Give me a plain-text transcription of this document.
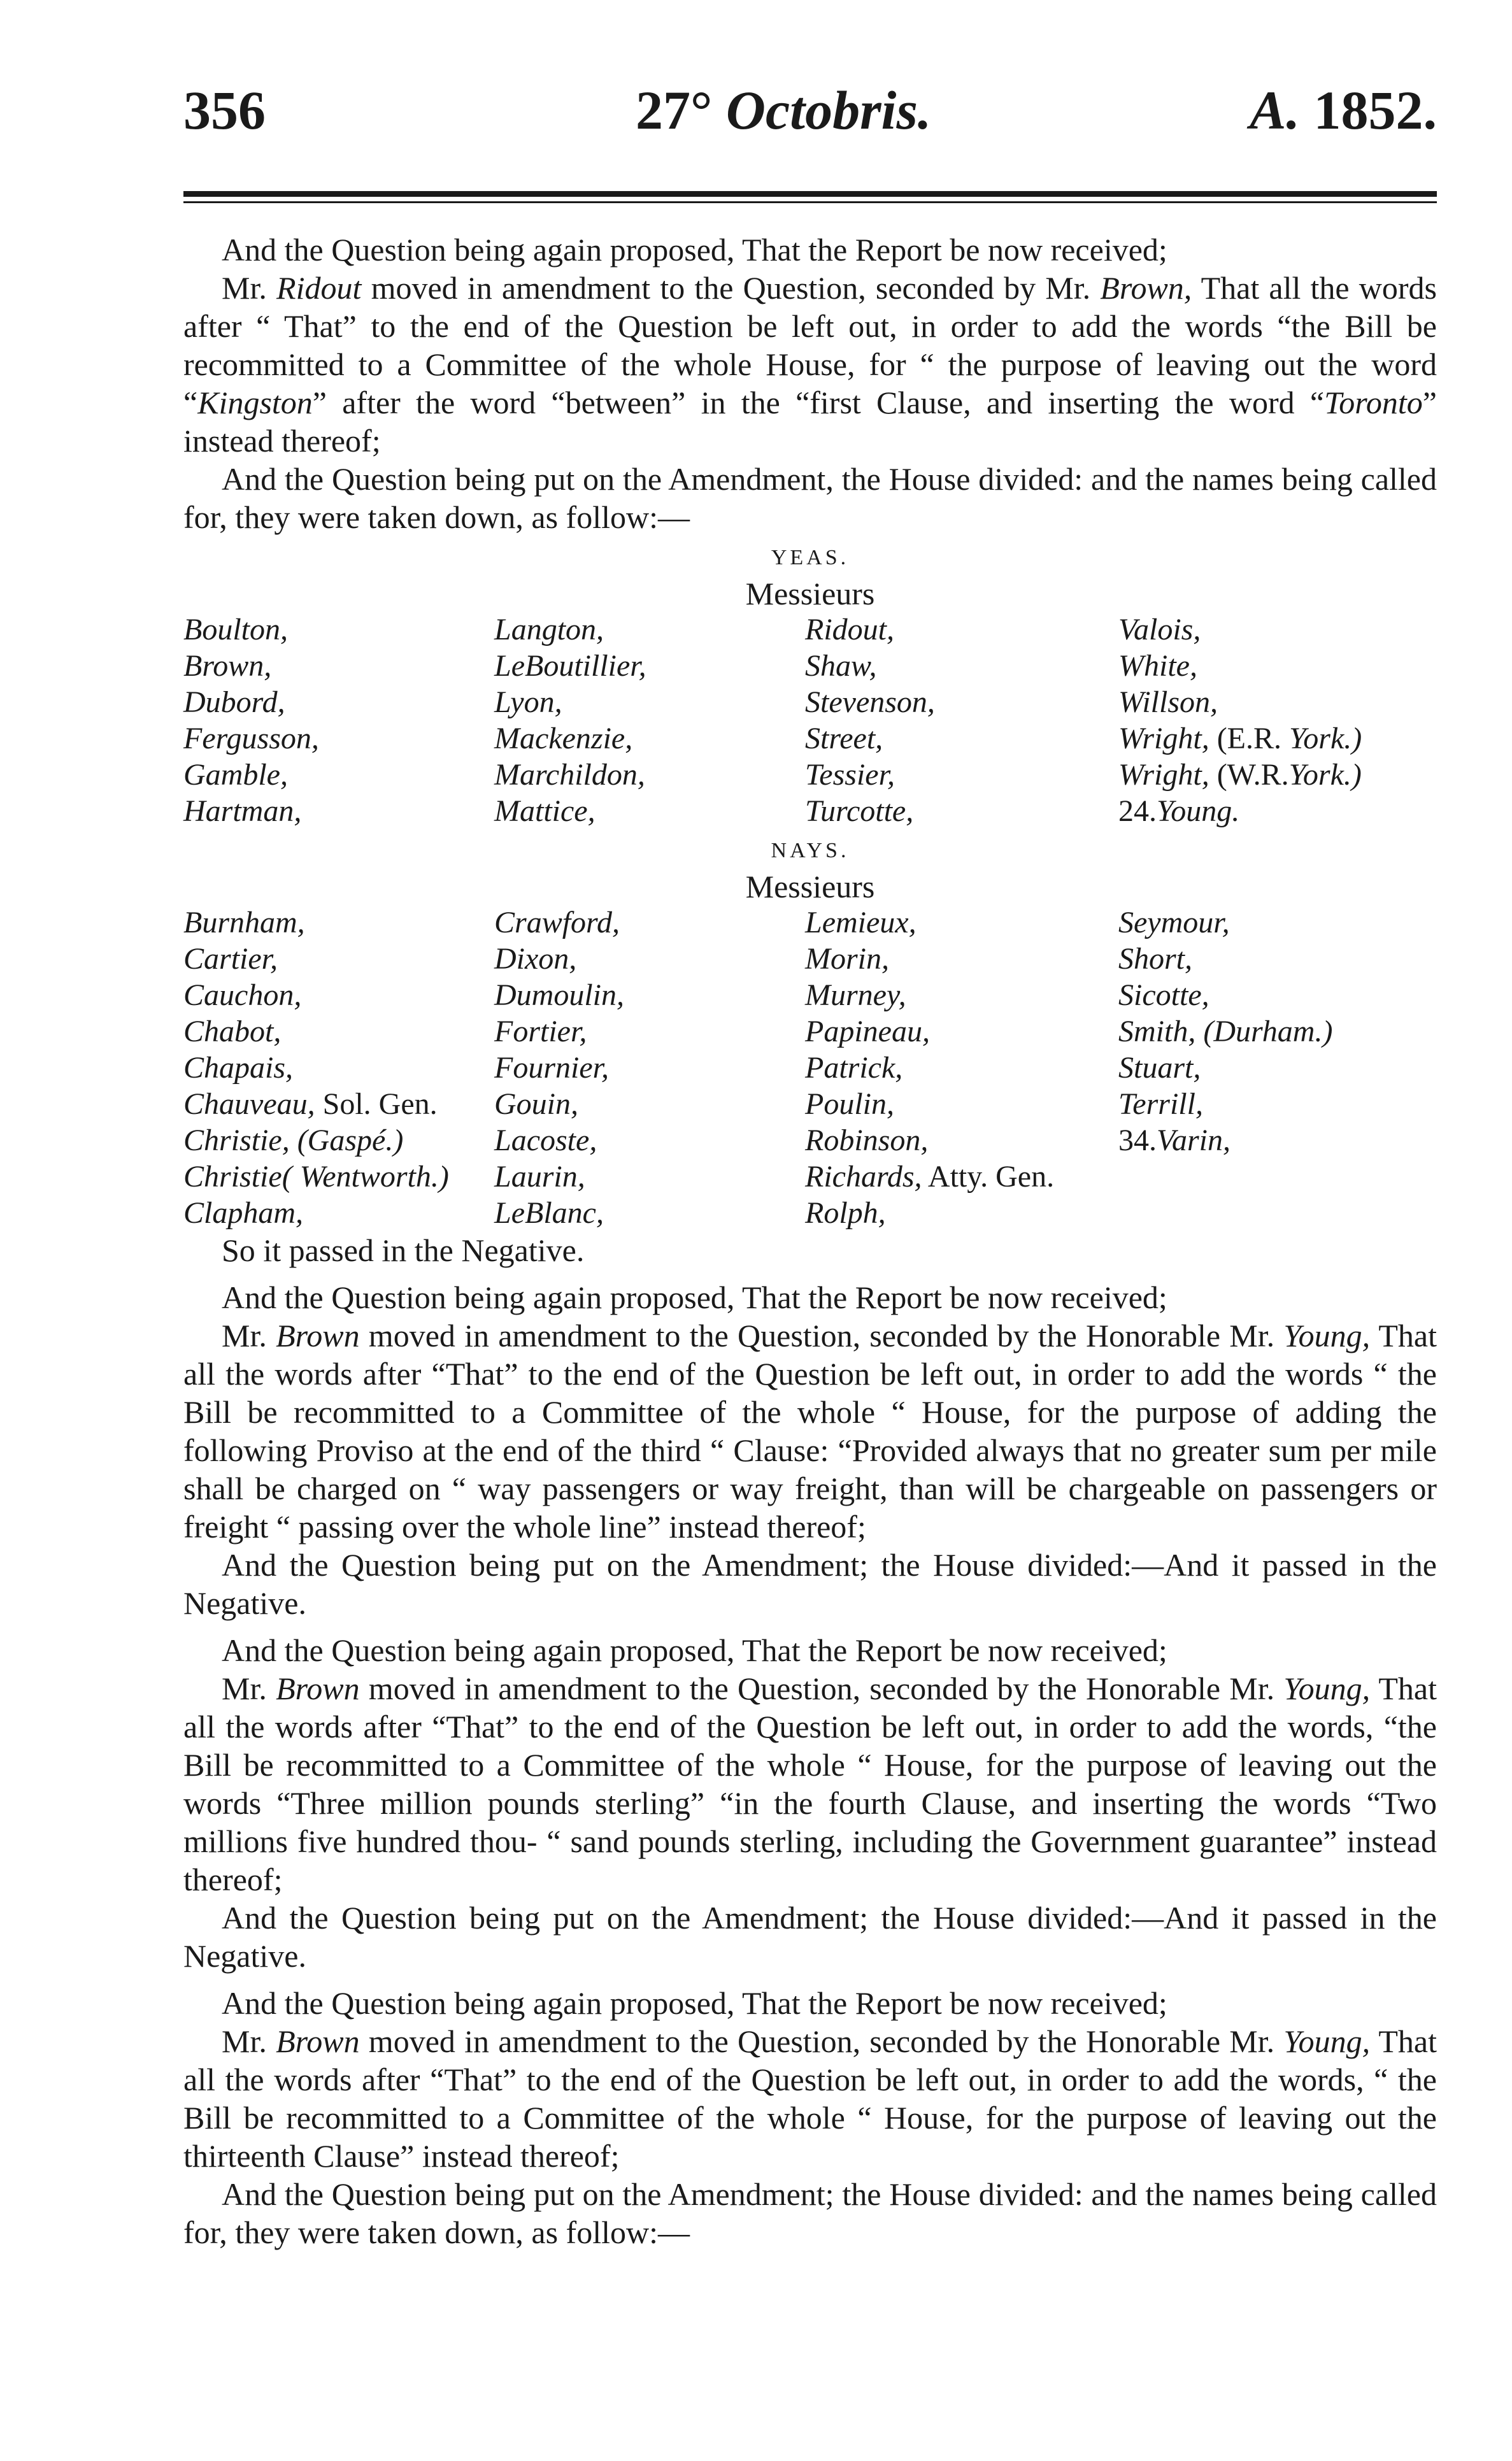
356	27° Octobris.	A. 1852.

And the Question being again proposed, That the Report be now received;

Mr. Ridout moved in amendment to the Question, seconded by Mr. Brown, That all the words after “ That” to the end of the Question be left out, in order to add the words “the Bill be recommitted to a Committee of the whole House, for “ the purpose of leaving out the word “Kingston” after the word “between” in the “first Clause, and inserting the word “Toronto” instead thereof;

And the Question being put on the Amendment, the House divided: and the names being called for, they were taken down, as follow:—

YEAS.

Messieurs

Boulton,	Langton,	Ridout,	Valois,
Brown,	LeBoutillier,	Shaw,	White,
Dubord,	Lyon,	Stevenson,	Willson,
Fergusson,	Mackenzie,	Street,	Wright, (E.R. York.)
Gamble,	Marchildon,	Tessier,	Wright, (W.R.York.)
Hartman,	Mattice,	Turcotte,	24.Young.

NAYS.

Messieurs

Burnham,	Crawford,	Lemieux,	Seymour,
Cartier,	Dixon,	Morin,	Short,
Cauchon,	Dumoulin,	Murney,	Sicotte,
Chabot,	Fortier,	Papineau,	Smith, (Durham.)
Chapais,	Fournier,	Patrick,	Stuart,
Chauveau, Sol. Gen.	Gouin,	Poulin,	Terrill,
Christie, (Gaspé.)	Lacoste,	Robinson,	34.Varin,
Christie( Wentworth.)	Laurin,	Richards, Atty. Gen.	
Clapham,	LeBlanc,	Rolph,	

So it passed in the Negative.

And the Question being again proposed, That the Report be now received;

Mr. Brown moved in amendment to the Question, seconded by the Honorable Mr. Young, That all the words after “That” to the end of the Question be left out, in order to add the words “ the Bill be recommitted to a Committee of the whole “ House, for the purpose of adding the following Proviso at the end of the third “ Clause: “Provided always that no greater sum per mile shall be charged on “ way passengers or way freight, than will be chargeable on passengers or freight “ passing over the whole line” instead thereof;

And the Question being put on the Amendment; the House divided:—And it passed in the Negative.

And the Question being again proposed, That the Report be now received;

Mr. Brown moved in amendment to the Question, seconded by the Honorable Mr. Young, That all the words after “That” to the end of the Question be left out, in order to add the words, “the Bill be recommitted to a Committee of the whole “ House, for the purpose of leaving out the words “Three million pounds sterling” “in the fourth Clause, and inserting the words “Two millions five hundred thou- “ sand pounds sterling, including the Government guarantee” instead thereof;

And the Question being put on the Amendment; the House divided:—And it passed in the Negative.

And the Question being again proposed, That the Report be now received;

Mr. Brown moved in amendment to the Question, seconded by the Honorable Mr. Young, That all the words after “That” to the end of the Question be left out, in order to add the words, “ the Bill be recommitted to a Committee of the whole “ House, for the purpose of leaving out the thirteenth Clause” instead thereof;

And the Question being put on the Amendment; the House divided: and the names being called for, they were taken down, as follow:—
